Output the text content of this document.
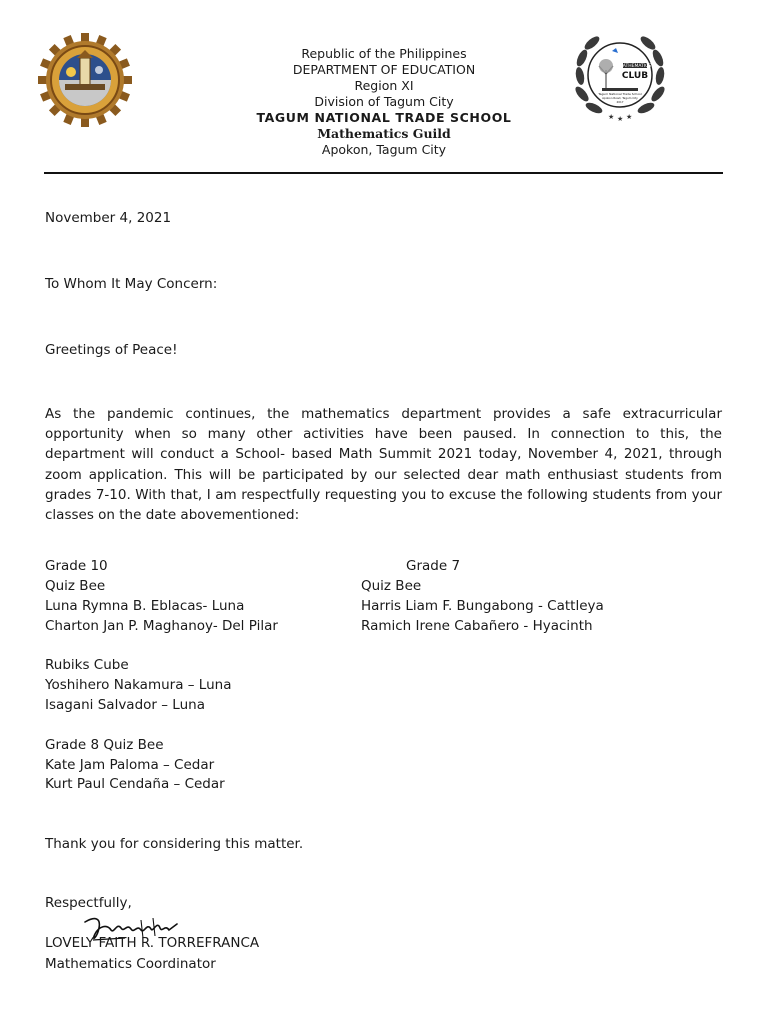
MATHEMATICS
CLUB
Tagum National Trade School
Apokon Road, Tagum City
2017
★ ★ ★
Republic of the Philippines
DEPARTMENT OF EDUCATION
Region XI
Division of Tagum City
TAGUM NATIONAL TRADE SCHOOL
Mathematics Guild
Apokon, Tagum City
November 4, 2021
To Whom It May Concern:
Greetings of Peace!
As the pandemic continues, the mathematics department provides a safe extracurricular opportunity when so many other activities have been paused. In connection to this, the department will conduct a School- based Math Summit 2021 today, November 4, 2021, through zoom application. This will be participated by our selected dear math enthusiast students from grades 7-10. With that, I am respectfully requesting you to excuse the following students from your classes on the date abovementioned:
Grade 10
Quiz Bee
Luna Rymna B. Eblacas- Luna
Charton Jan P. Maghanoy- Del Pilar
Grade 7
Quiz Bee
Harris Liam F. Bungabong - Cattleya
Ramich Irene Cabañero - Hyacinth
Rubiks Cube
Yoshihero Nakamura – Luna
Isagani Salvador – Luna
Grade 8 Quiz Bee
Kate Jam Paloma – Cedar
Kurt Paul Cendaña – Cedar
Thank you for considering this matter.
Respectfully,
LOVELY FAITH R. TORREFRANCA
Mathematics Coordinator
